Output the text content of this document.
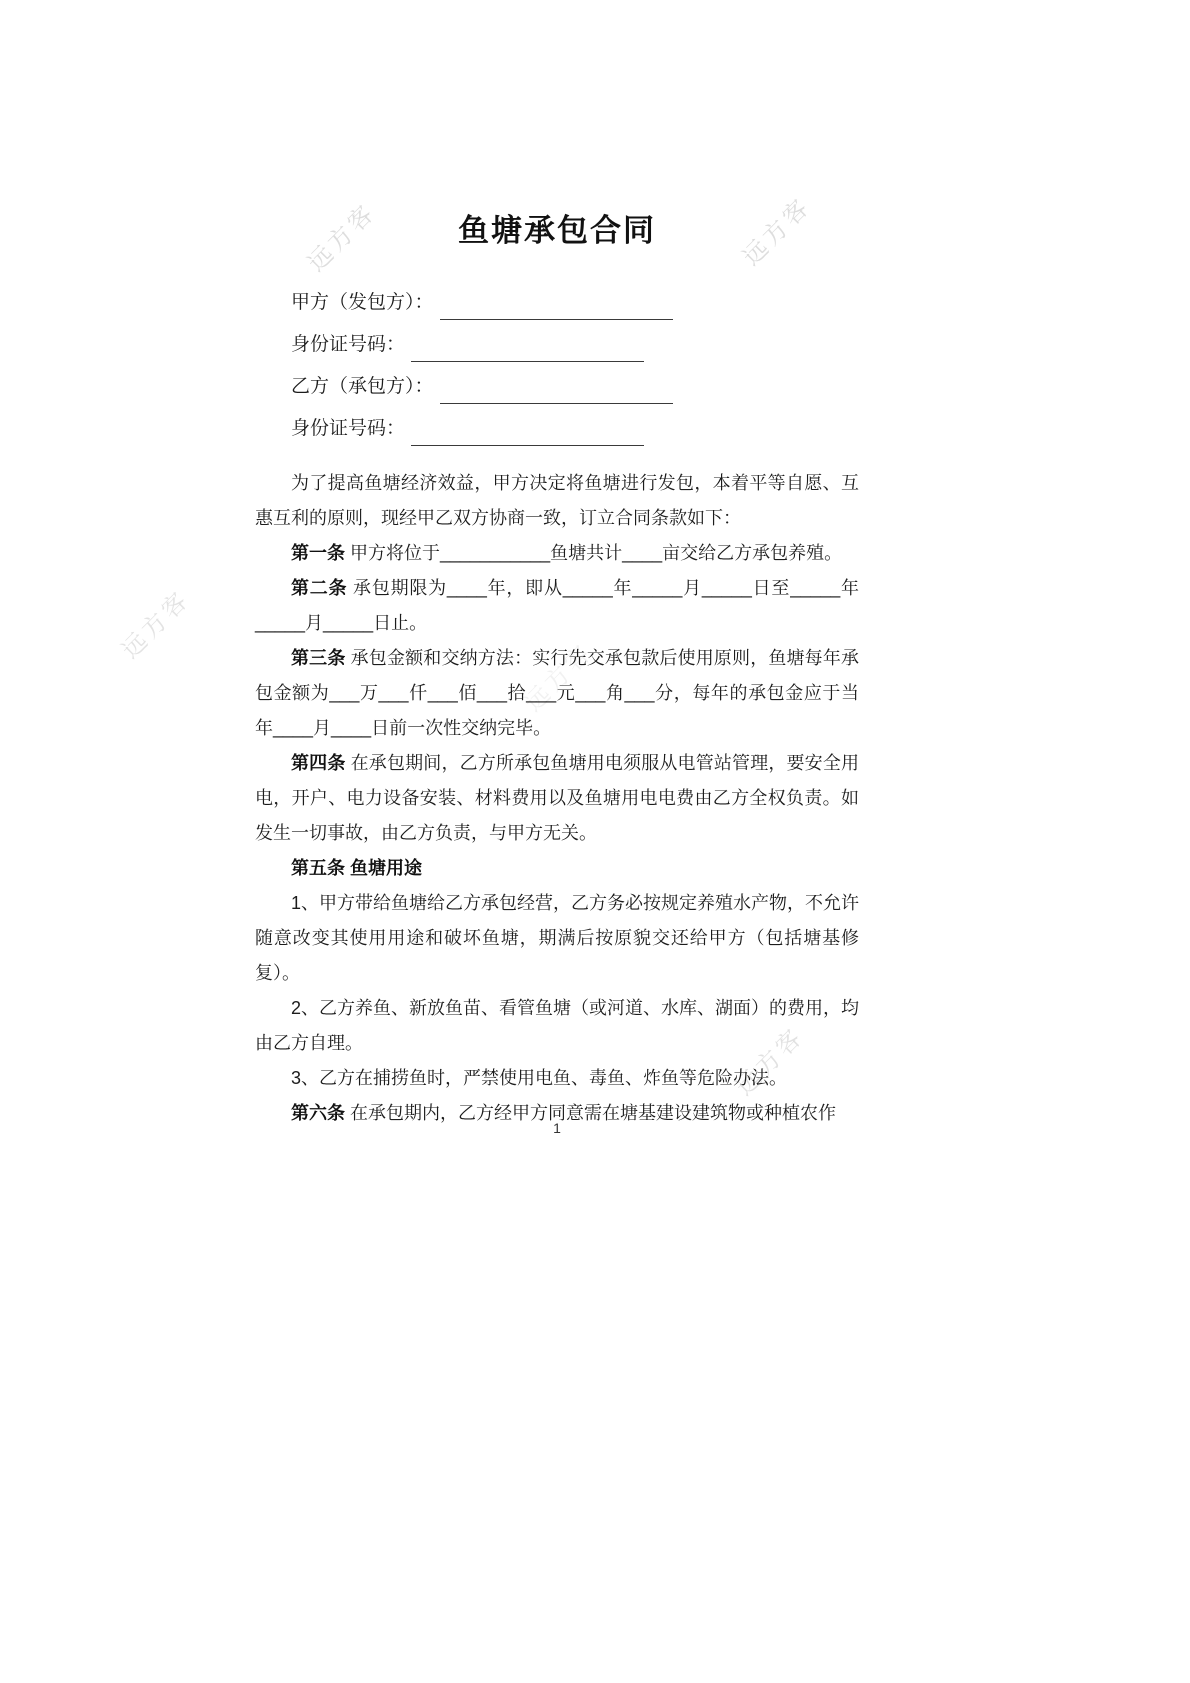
远方客	远方客
远方客
远方客
远方客
鱼塘承包合同
甲方（发包方）：
身份证号码：
乙方（承包方）：
身份证号码：

为了提高鱼塘经济效益，甲方决定将鱼塘进行发包，本着平等自愿、互惠互利的原则，现经甲乙双方协商一致，订立合同条款如下：

第一条 甲方将位于___________鱼塘共计____亩交给乙方承包养殖。

第二条 承包期限为____年，即从_____年_____月_____日至_____年_____月_____日止。

第三条 承包金额和交纳方法：实行先交承包款后使用原则，鱼塘每年承包金额为___万___仟___佰___拾___元___角___分，每年的承包金应于当年____月____日前一次性交纳完毕。

第四条 在承包期间，乙方所承包鱼塘用电须服从电管站管理，要安全用电，开户、电力设备安装、材料费用以及鱼塘用电电费由乙方全权负责。如发生一切事故，由乙方负责，与甲方无关。

第五条 鱼塘用途

1、甲方带给鱼塘给乙方承包经营，乙方务必按规定养殖水产物，不允许随意改变其使用用途和破坏鱼塘，期满后按原貌交还给甲方（包括塘基修复）。

2、乙方养鱼、新放鱼苗、看管鱼塘（或河道、水库、湖面）的费用，均由乙方自理。

3、乙方在捕捞鱼时，严禁使用电鱼、毒鱼、炸鱼等危险办法。

第六条 在承包期内，乙方经甲方同意需在塘基建设建筑物或种植农作

1
